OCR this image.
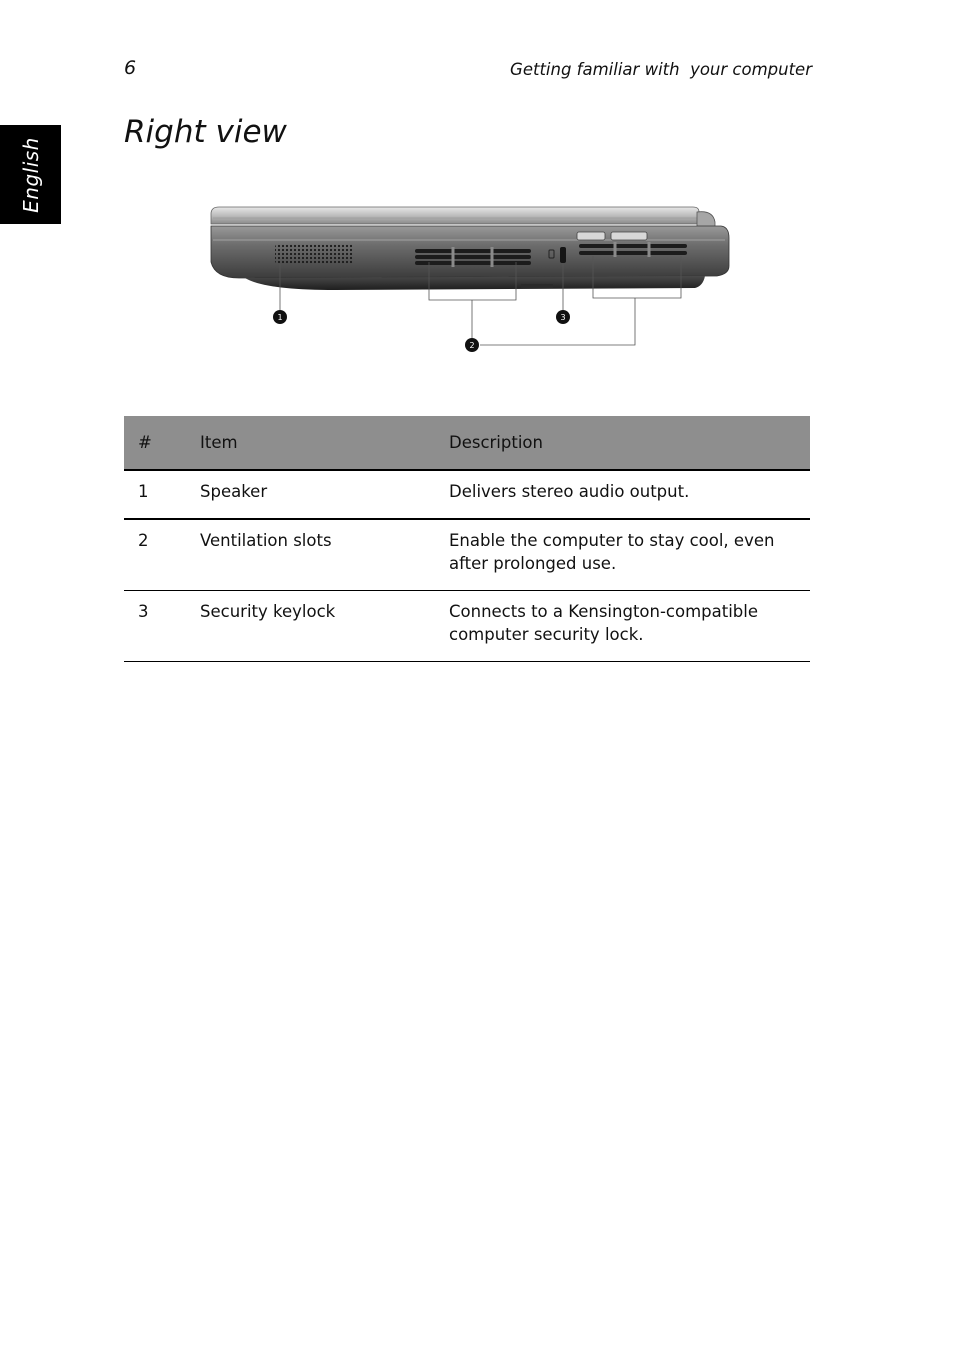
6	Getting familiar with  your computer
English
Right view
1
2
3
#	Item	Description
1	Speaker	Delivers stereo audio output.
2	Ventilation slots	Enable the computer to stay cool, even after prolonged use.
3	Security keylock	Connects to a Kensington-compatible computer security lock.
